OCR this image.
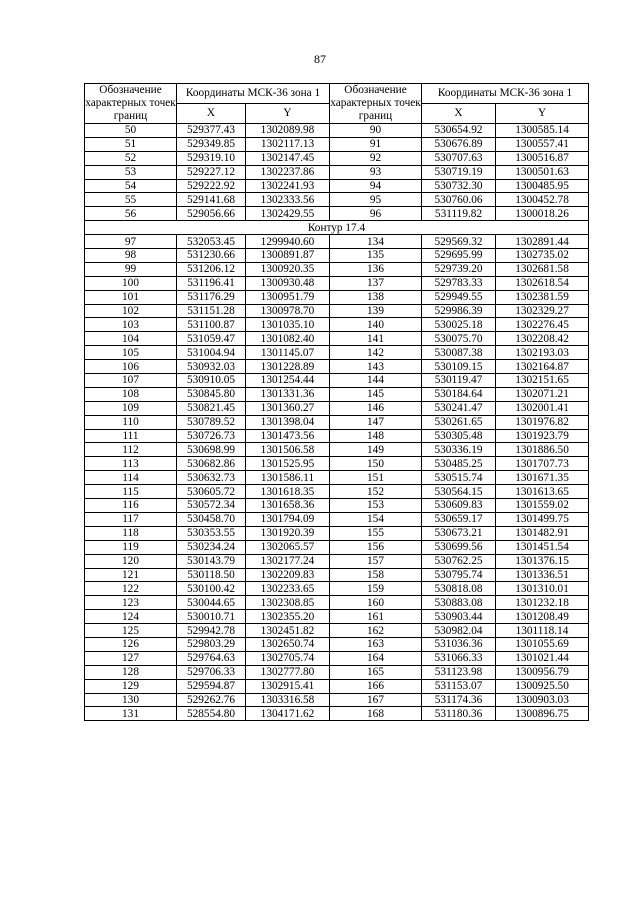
87
Обозначение характерных точек границ	Координаты МСК-36 зона 1		Обозначение характерных точек границ	Координаты МСК-36 зона 1	
	X	Y		X	Y
50	529377.43	1302089.98	90	530654.92	1300585.14
51	529349.85	1302117.13	91	530676.89	1300557.41
52	529319.10	1302147.45	92	530707.63	1300516.87
53	529227.12	1302237.86	93	530719.19	1300501.63
54	529222.92	1302241.93	94	530732.30	1300485.95
55	529141.68	1302333.56	95	530760.06	1300452.78
56	529056.66	1302429.55	96	531119.82	1300018.26
Контур 17.4					
97	532053.45	1299940.60	134	529569.32	1302891.44
98	531230.66	1300891.87	135	529695.99	1302735.02
99	531206.12	1300920.35	136	529739.20	1302681.58
100	531196.41	1300930.48	137	529783.33	1302618.54
101	531176.29	1300951.79	138	529949.55	1302381.59
102	531151.28	1300978.70	139	529986.39	1302329.27
103	531100.87	1301035.10	140	530025.18	1302276.45
104	531059.47	1301082.40	141	530075.70	1302208.42
105	531004.94	1301145.07	142	530087.38	1302193.03
106	530932.03	1301228.89	143	530109.15	1302164.87
107	530910.05	1301254.44	144	530119.47	1302151.65
108	530845.80	1301331.36	145	530184.64	1302071.21
109	530821.45	1301360.27	146	530241.47	1302001.41
110	530789.52	1301398.04	147	530261.65	1301976.82
111	530726.73	1301473.56	148	530305.48	1301923.79
112	530698.99	1301506.58	149	530336.19	1301886.50
113	530682.86	1301525.95	150	530485.25	1301707.73
114	530632.73	1301586.11	151	530515.74	1301671.35
115	530605.72	1301618.35	152	530564.15	1301613.65
116	530572.34	1301658.36	153	530609.83	1301559.02
117	530458.70	1301794.09	154	530659.17	1301499.75
118	530353.55	1301920.39	155	530673.21	1301482.91
119	530234.24	1302065.57	156	530699.56	1301451.54
120	530143.79	1302177.24	157	530762.25	1301376.15
121	530118.50	1302209.83	158	530795.74	1301336.51
122	530100.42	1302233.65	159	530818.08	1301310.01
123	530044.65	1302308.85	160	530883.08	1301232.18
124	530010.71	1302355.20	161	530903.44	1301208.49
125	529942.78	1302451.82	162	530982.04	1301118.14
126	529803.29	1302650.74	163	531036.36	1301055.69
127	529764.63	1302705.74	164	531066.33	1301021.44
128	529706.33	1302777.80	165	531123.98	1300956.79
129	529594.87	1302915.41	166	531153.07	1300925.50
130	529262.76	1303316.58	167	531174.36	1300903.03
131	528554.80	1304171.62	168	531180.36	1300896.75
